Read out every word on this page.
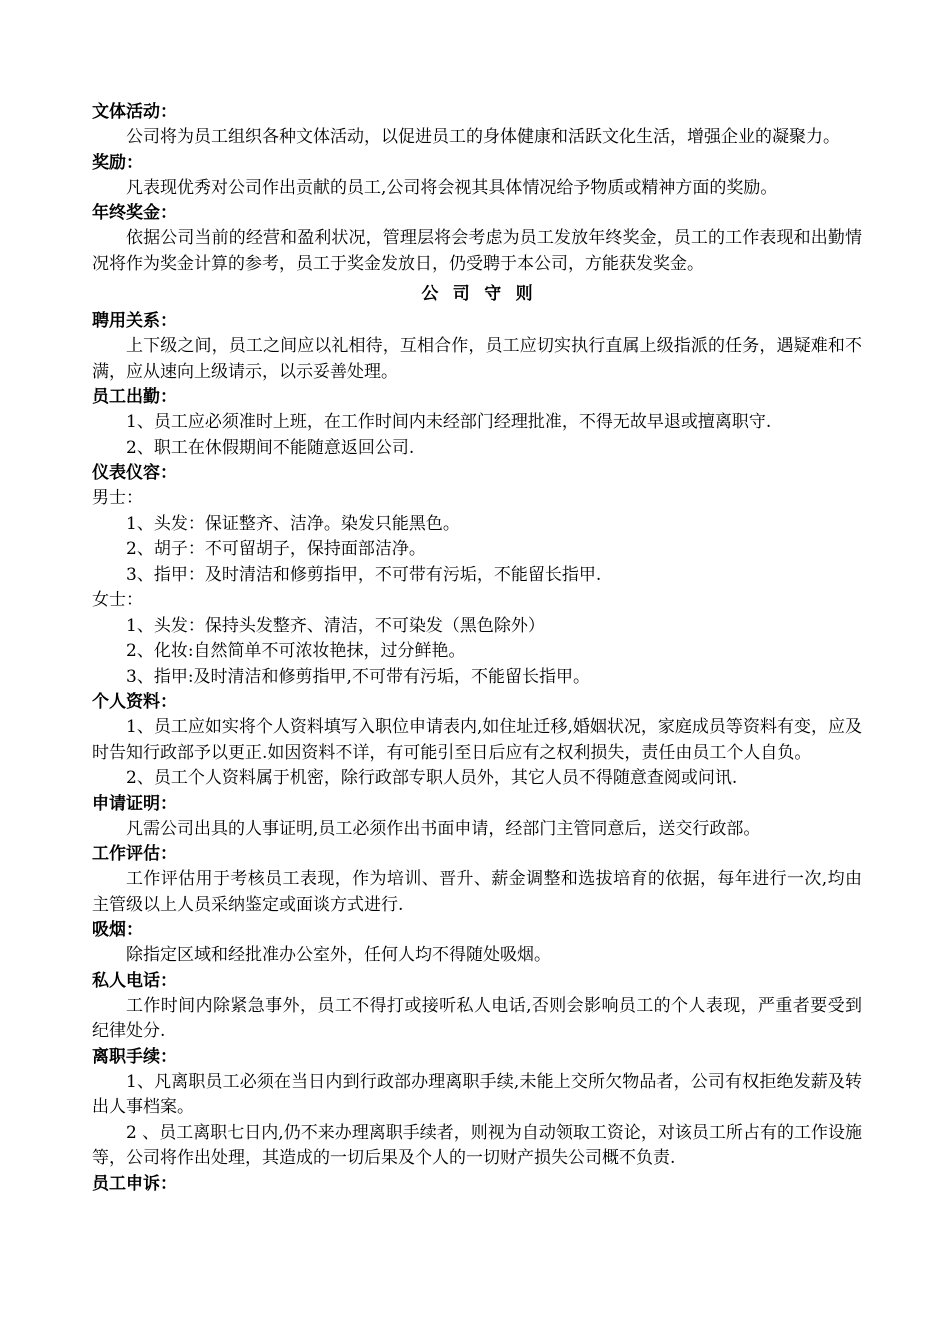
文体活动：

公司将为员工组织各种文体活动，以促进员工的身体健康和活跃文化生活，增强企业的凝聚力。

奖励：

凡表现优秀对公司作出贡献的员工,公司将会视其具体情况给予物质或精神方面的奖励。

年终奖金：

依据公司当前的经营和盈利状况，管理层将会考虑为员工发放年终奖金，员工的工作表现和出勤情况将作为奖金计算的参考，员工于奖金发放日，仍受聘于本公司，方能获发奖金。

公司守则

聘用关系：

上下级之间，员工之间应以礼相待，互相合作，员工应切实执行直属上级指派的任务，遇疑难和不满，应从速向上级请示，以示妥善处理。

员工出勤：

1、员工应必须准时上班，在工作时间内未经部门经理批准，不得无故早退或擅离职守.

2、职工在休假期间不能随意返回公司.

仪表仪容：

男士：

1、头发：保证整齐、洁净。染发只能黑色。

2、胡子：不可留胡子，保持面部洁净。

3、指甲：及时清洁和修剪指甲，不可带有污垢，不能留长指甲.

女士：

1、头发：保持头发整齐、清洁，不可染发（黑色除外）

2、化妆:自然简单不可浓妆艳抹，过分鲜艳。

3、指甲:及时清洁和修剪指甲,不可带有污垢，不能留长指甲。

个人资料：

1、员工应如实将个人资料填写入职位申请表内,如住址迁移,婚姻状况，家庭成员等资料有变，应及时告知行政部予以更正.如因资料不详，有可能引至日后应有之权利损失，责任由员工个人自负。

2、员工个人资料属于机密，除行政部专职人员外，其它人员不得随意查阅或问讯.

申请证明：

凡需公司出具的人事证明,员工必须作出书面申请，经部门主管同意后，送交行政部。

工作评估：

工作评估用于考核员工表现，作为培训、晋升、薪金调整和选拔培育的依据，每年进行一次,均由主管级以上人员采纳鉴定或面谈方式进行.

吸烟：

除指定区域和经批准办公室外，任何人均不得随处吸烟。

私人电话：

工作时间内除紧急事外，员工不得打或接听私人电话,否则会影响员工的个人表现，严重者要受到纪律处分.

离职手续：

1、凡离职员工必须在当日内到行政部办理离职手续,未能上交所欠物品者，公司有权拒绝发薪及转出人事档案。

2 、员工离职七日内,仍不来办理离职手续者，则视为自动领取工资论，对该员工所占有的工作设施等，公司将作出处理，其造成的一切后果及个人的一切财产损失公司概不负责.

员工申诉：
